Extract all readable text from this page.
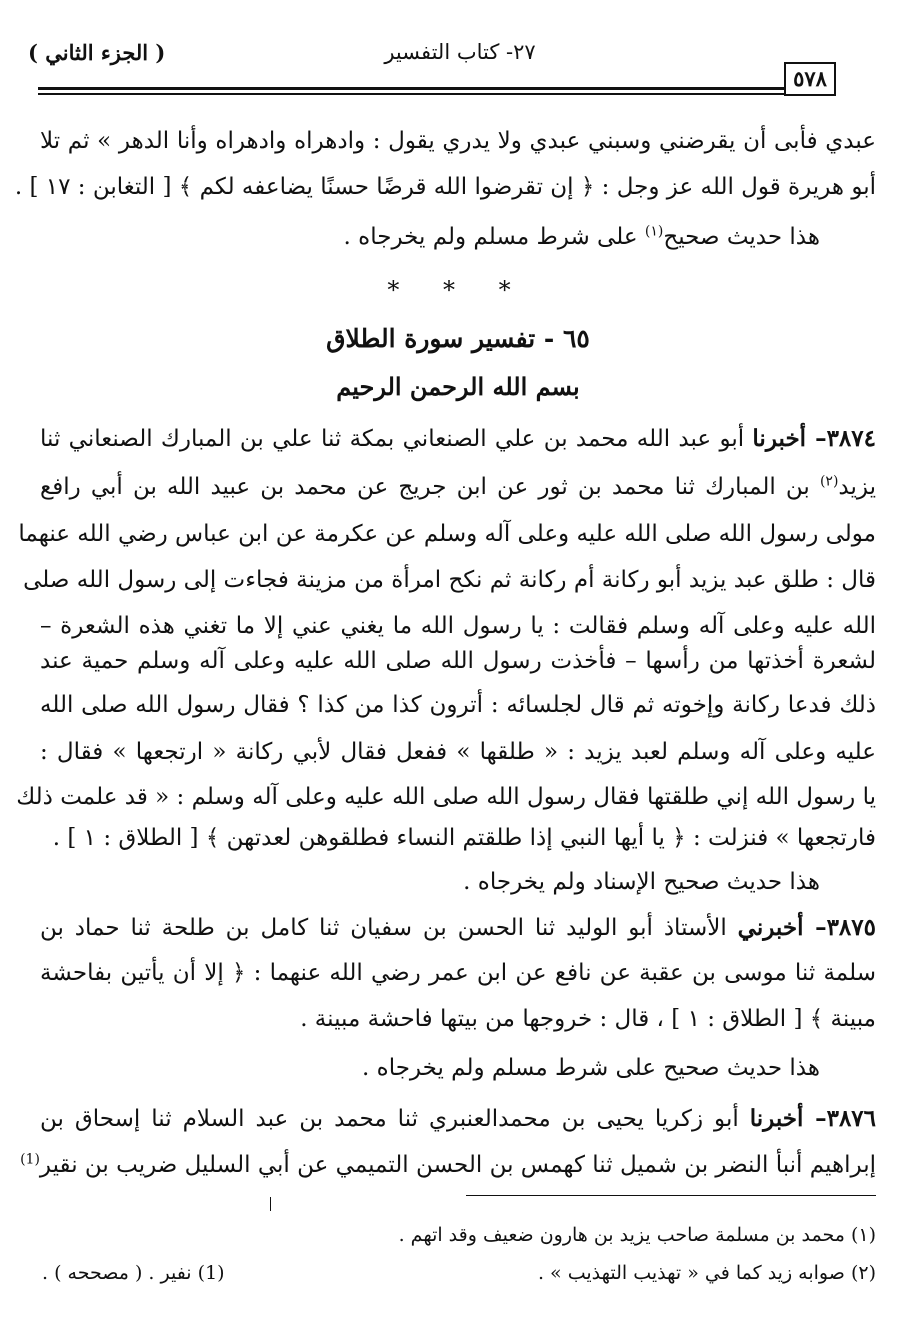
( الجزء الثاني )	٢٧- كتاب التفسير
٥٧٨
عبدي فأبى أن يقرضني وسبني عبدي ولا يدري يقول : وادهراه وادهراه وأنا الدهر » ثم تلا
أبو هريرة قول الله عز وجل : ﴿ إن تقرضوا الله قرضًا حسنًا يضاعفه لكم ﴾ [ التغابن : ١٧ ] .
هذا حديث صحيح$^{(١)}$ على شرط مسلم ولم يخرجاه .
* * *
٦٥ - تفسير سورة الطلاق
بسم الله الرحمن الرحيم
٣٨٧٤– أخبرنا أبو عبد الله محمد بن علي الصنعاني بمكة ثنا علي بن المبارك الصنعاني ثنا
يزيد$^{(٢)}$ بن المبارك ثنا محمد بن ثور عن ابن جريج عن محمد بن عبيد الله بن أبي رافع
مولى رسول الله صلى الله عليه وعلى آله وسلم عن عكرمة عن ابن عباس رضي الله عنهما
قال : طلق عبد يزيد أبو ركانة أم ركانة ثم نكح امرأة من مزينة فجاءت إلى رسول الله صلى
الله عليه وعلى آله وسلم فقالت : يا رسول الله ما يغني عني إلا ما تغني هذه الشعرة –
لشعرة أخذتها من رأسها – فأخذت رسول الله صلى الله عليه وعلى آله وسلم حمية عند
ذلك فدعا ركانة وإخوته ثم قال لجلسائه : أترون كذا من كذا ؟ فقال رسول الله صلى الله
عليه وعلى آله وسلم لعبد يزيد : « طلقها » ففعل فقال لأبي ركانة « ارتجعها » فقال :
يا رسول الله إني طلقتها فقال رسول الله صلى الله عليه وعلى آله وسلم : « قد علمت ذلك
فارتجعها » فنزلت : ﴿ يا أيها النبي إذا طلقتم النساء فطلقوهن لعدتهن ﴾ [ الطلاق : ١ ] .
هذا حديث صحيح الإسناد ولم يخرجاه .
٣٨٧٥– أخبرني الأستاذ أبو الوليد ثنا الحسن بن سفيان ثنا كامل بن طلحة ثنا حماد بن
سلمة ثنا موسى بن عقبة عن نافع عن ابن عمر رضي الله عنهما : ﴿ إلا أن يأتين بفاحشة
مبينة ﴾ [ الطلاق : ١ ] ، قال : خروجها من بيتها فاحشة مبينة .
هذا حديث صحيح على شرط مسلم ولم يخرجاه .
٣٨٧٦– أخبرنا أبو زكريا يحيى بن محمدالعنبري ثنا محمد بن عبد السلام ثنا إسحاق بن
إبراهيم أنبأ النضر بن شميل ثنا كهمس بن الحسن التميمي عن أبي السليل ضريب بن نقير$^{(1)}$
(١) محمد بن مسلمة صاحب يزيد بن هارون ضعيف وقد اتهم .
(٢) صوابه زيد كما في « تهذيب التهذيب » .
(1) نفير . ( مصححه ) .
